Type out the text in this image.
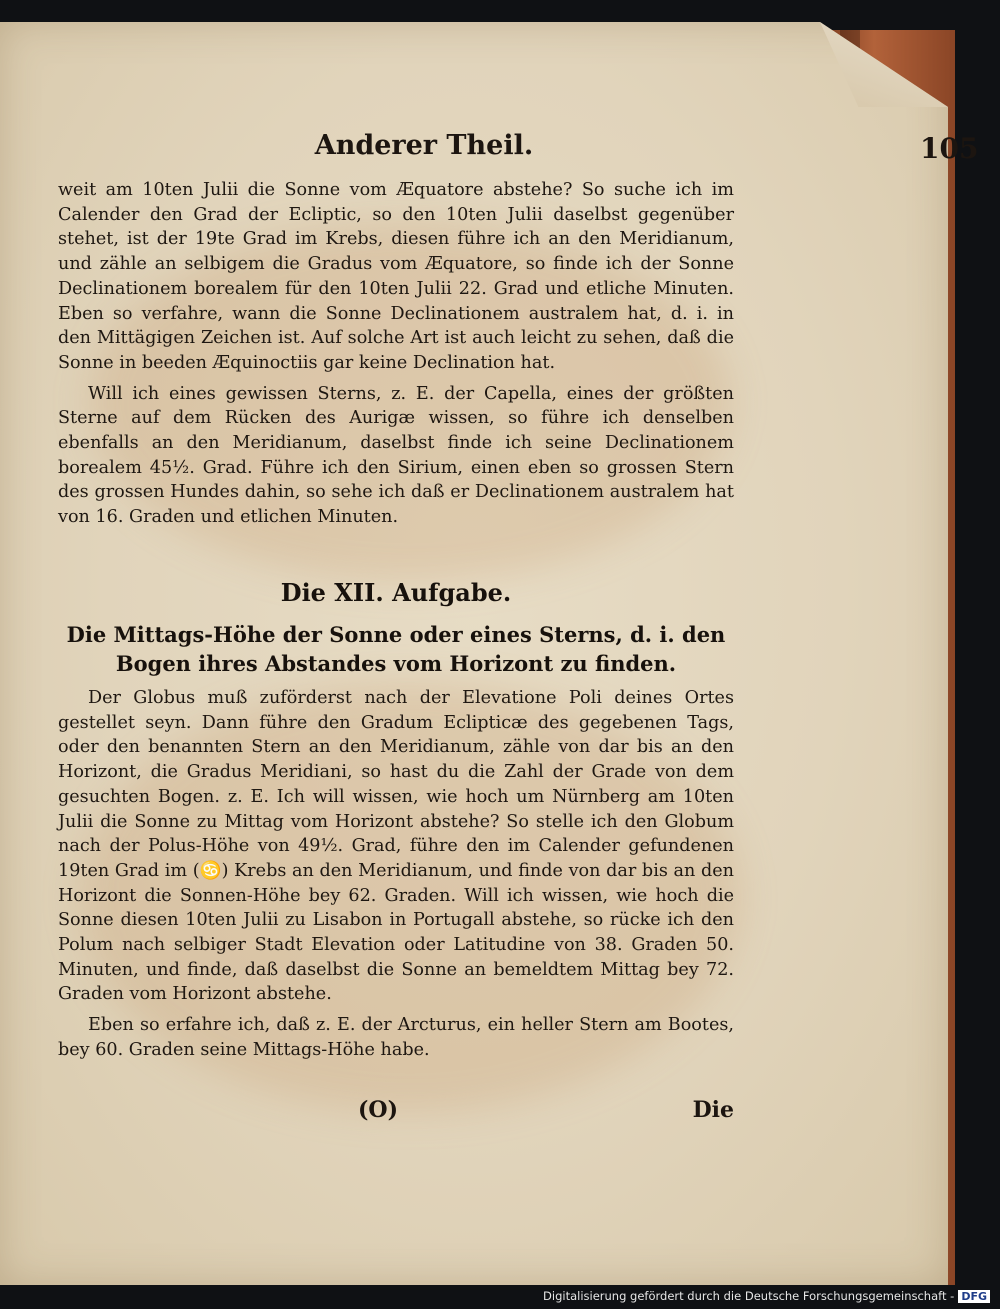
Anderer Theil.	105

weit am 10ten Julii die Sonne vom Æquatore abstehe? So suche ich im Calender den Grad der Ecliptic, so den 10ten Julii daselbst gegenüber stehet, ist der 19te Grad im Krebs, diesen führe ich an den Meridianum, und zähle an selbigem die Gradus vom Æquatore, so finde ich der Sonne Declinationem borealem für den 10ten Julii 22. Grad und etliche Minuten. Eben so verfahre, wann die Sonne Declinationem australem hat, d. i. in den Mittägigen Zeichen ist. Auf solche Art ist auch leicht zu sehen, daß die Sonne in beeden Æquinoctiis gar keine Declination hat.

Will ich eines gewissen Sterns, z. E. der Capella, eines der größten Sterne auf dem Rücken des Aurigæ wissen, so führe ich denselben ebenfalls an den Meridianum, daselbst finde ich seine Declinationem borealem 45½. Grad. Führe ich den Sirium, einen eben so grossen Stern des grossen Hundes dahin, so sehe ich daß er Declinationem australem hat von 16. Graden und etlichen Minuten.

Die XII. Aufgabe.
Die Mittags-Höhe der Sonne oder eines Sterns, d. i. den Bogen ihres Abstandes vom Horizont zu finden.

Der Globus muß zuförderst nach der Elevatione Poli deines Ortes gestellet seyn. Dann führe den Gradum Eclipticæ des gegebenen Tags, oder den benannten Stern an den Meridianum, zähle von dar bis an den Horizont, die Gradus Meridiani, so hast du die Zahl der Grade von dem gesuchten Bogen. z. E. Ich will wissen, wie hoch um Nürnberg am 10ten Julii die Sonne zu Mittag vom Horizont abstehe? So stelle ich den Globum nach der Polus-Höhe von 49½. Grad, führe den im Calender gefundenen 19ten Grad im (♋) Krebs an den Meridianum, und finde von dar bis an den Horizont die Sonnen-Höhe bey 62. Graden. Will ich wissen, wie hoch die Sonne diesen 10ten Julii zu Lisabon in Portugall abstehe, so rücke ich den Polum nach selbiger Stadt Elevation oder Latitudine von 38. Graden 50. Minuten, und finde, daß daselbst die Sonne an bemeldtem Mittag bey 72. Graden vom Horizont abstehe.

Eben so erfahre ich, daß z. E. der Arcturus, ein heller Stern am Bootes, bey 60. Graden seine Mittags-Höhe habe.

(O)	Die
Digitalisierung gefördert durch die Deutsche Forschungsgemeinschaft - DFG
